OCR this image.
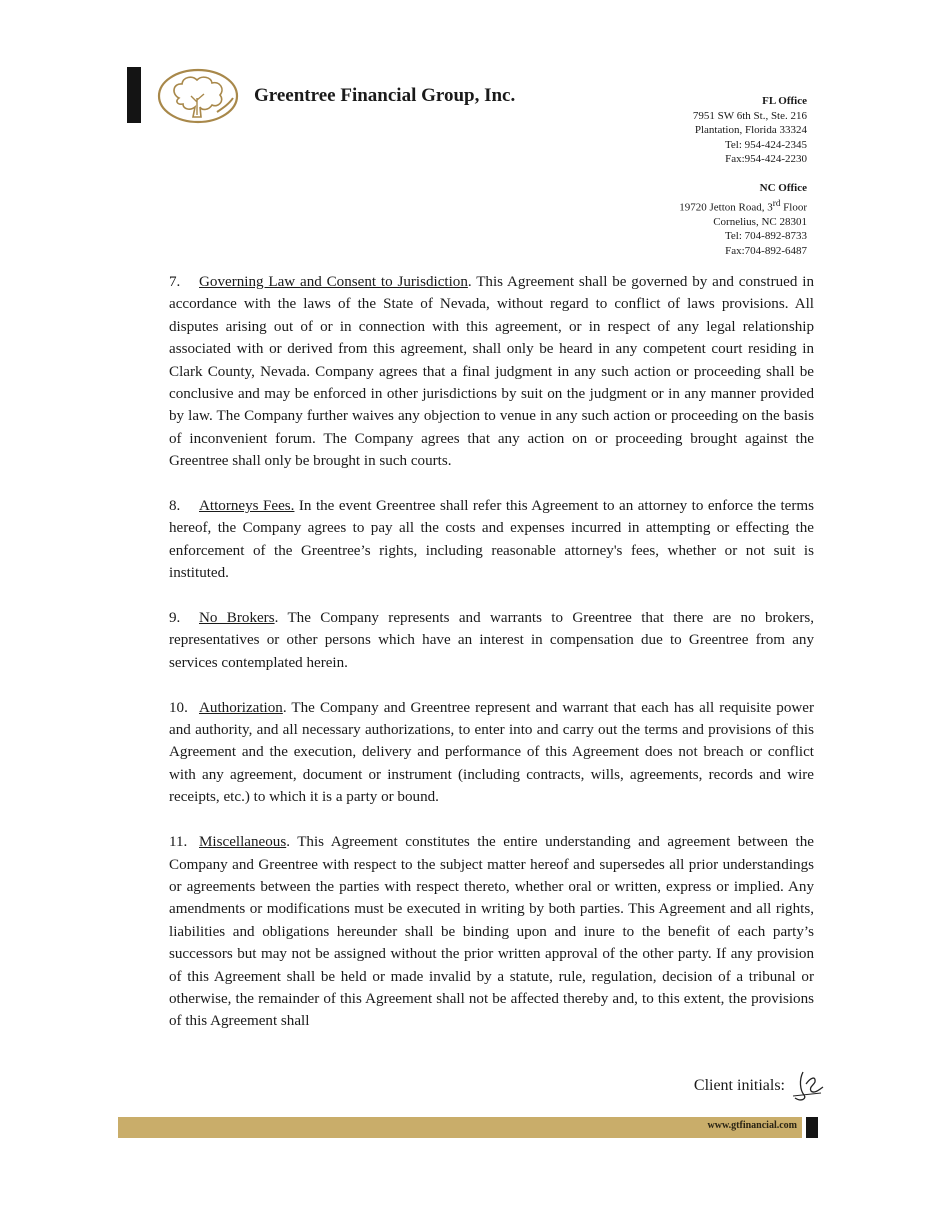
Greentree Financial Group, Inc.	FL Office
7951 SW 6th St., Ste. 216
Plantation, Florida 33324
Tel: 954-424-2345
Fax:954-424-2230
NC Office
19720 Jetton Road, 3rd Floor
Cornelius, NC 28301
Tel: 704-892-8733
Fax:704-892-6487

7. Governing Law and Consent to Jurisdiction. This Agreement shall be governed by and construed in accordance with the laws of the State of Nevada, without regard to conflict of laws provisions. All disputes arising out of or in connection with this agreement, or in respect of any legal relationship associated with or derived from this agreement, shall only be heard in any competent court residing in Clark County, Nevada. Company agrees that a final judgment in any such action or proceeding shall be conclusive and may be enforced in other jurisdictions by suit on the judgment or in any manner provided by law. The Company further waives any objection to venue in any such action or proceeding on the basis of inconvenient forum. The Company agrees that any action on or proceeding brought against the Greentree shall only be brought in such courts.

8. Attorneys Fees. In the event Greentree shall refer this Agreement to an attorney to enforce the terms hereof, the Company agrees to pay all the costs and expenses incurred in attempting or effecting the enforcement of the Greentree’s rights, including reasonable attorney's fees, whether or not suit is instituted.

9. No Brokers. The Company represents and warrants to Greentree that there are no brokers, representatives or other persons which have an interest in compensation due to Greentree from any services contemplated herein.

10. Authorization. The Company and Greentree represent and warrant that each has all requisite power and authority, and all necessary authorizations, to enter into and carry out the terms and provisions of this Agreement and the execution, delivery and performance of this Agreement does not breach or conflict with any agreement, document or instrument (including contracts, wills, agreements, records and wire receipts, etc.) to which it is a party or bound.

11. Miscellaneous. This Agreement constitutes the entire understanding and agreement between the Company and Greentree with respect to the subject matter hereof and supersedes all prior understandings or agreements between the parties with respect thereto, whether oral or written, express or implied. Any amendments or modifications must be executed in writing by both parties. This Agreement and all rights, liabilities and obligations hereunder shall be binding upon and inure to the benefit of each party’s successors but may not be assigned without the prior written approval of the other party. If any provision of this Agreement shall be held or made invalid by a statute, rule, regulation, decision of a tribunal or otherwise, the remainder of this Agreement shall not be affected thereby and, to this extent, the provisions of this Agreement shall

Client initials:
www.gtfinancial.com
